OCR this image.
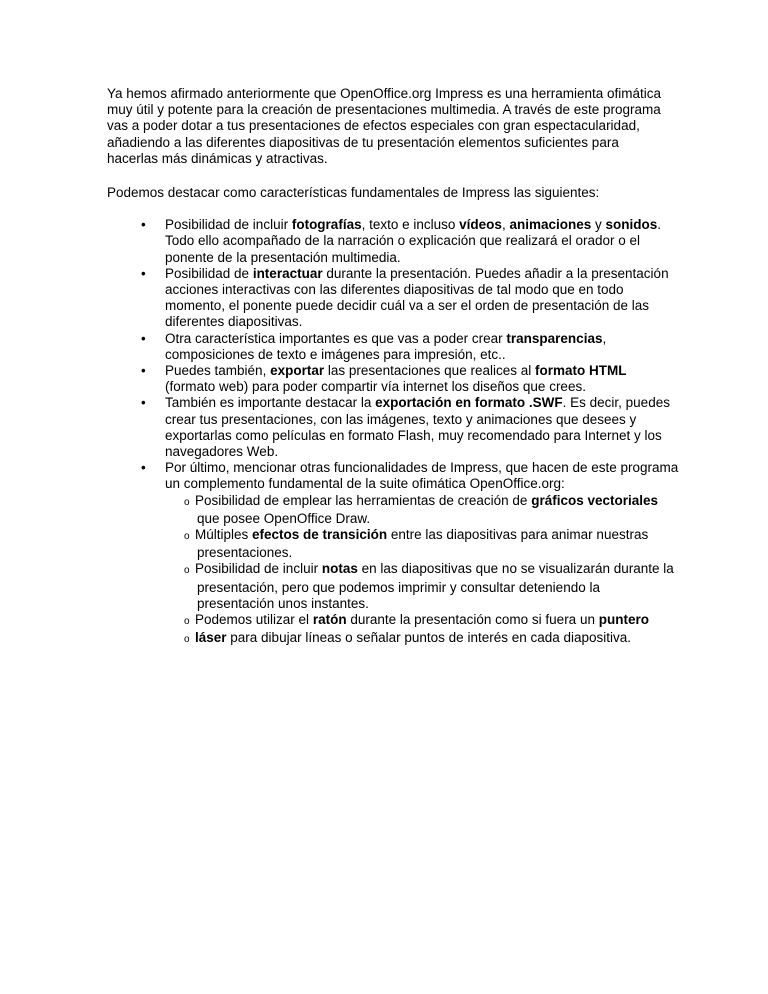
Ya hemos afirmado anteriormente que OpenOffice.org Impress es una herramienta ofimática muy útil y potente para la creación de presentaciones multimedia. A través de este programa vas a poder dotar a tus presentaciones de efectos especiales con gran espectacularidad, añadiendo a las diferentes diapositivas de tu presentación elementos suficientes para hacerlas más dinámicas y atractivas.

Podemos destacar como características fundamentales de Impress las siguientes:

• Posibilidad de incluir fotografías, texto e incluso vídeos, animaciones y sonidos. Todo ello acompañado de la narración o explicación que realizará el orador o el ponente de la presentación multimedia.
• Posibilidad de interactuar durante la presentación. Puedes añadir a la presentación acciones interactivas con las diferentes diapositivas de tal modo que en todo momento, el ponente puede decidir cuál va a ser el orden de presentación de las diferentes diapositivas.
• Otra característica importantes es que vas a poder crear transparencias, composiciones de texto e imágenes para impresión, etc..
• Puedes también, exportar las presentaciones que realices al formato HTML (formato web) para poder compartir vía internet los diseños que crees.
• También es importante destacar la exportación en formato .SWF. Es decir, puedes crear tus presentaciones, con las imágenes, texto y animaciones que desees y exportarlas como películas en formato Flash, muy recomendado para Internet y los navegadores Web.
• Por último, mencionar otras funcionalidades de Impress, que hacen de este programa un complemento fundamental de la suite ofimática OpenOffice.org:
o Posibilidad de emplear las herramientas de creación de gráficos vectoriales que posee OpenOffice Draw.
o Múltiples efectos de transición entre las diapositivas para animar nuestras presentaciones.
o Posibilidad de incluir notas en las diapositivas que no se visualizarán durante la presentación, pero que podemos imprimir y consultar deteniendo la presentación unos instantes.
o Podemos utilizar el ratón durante la presentación como si fuera un puntero
o láser para dibujar líneas o señalar puntos de interés en cada diapositiva.
